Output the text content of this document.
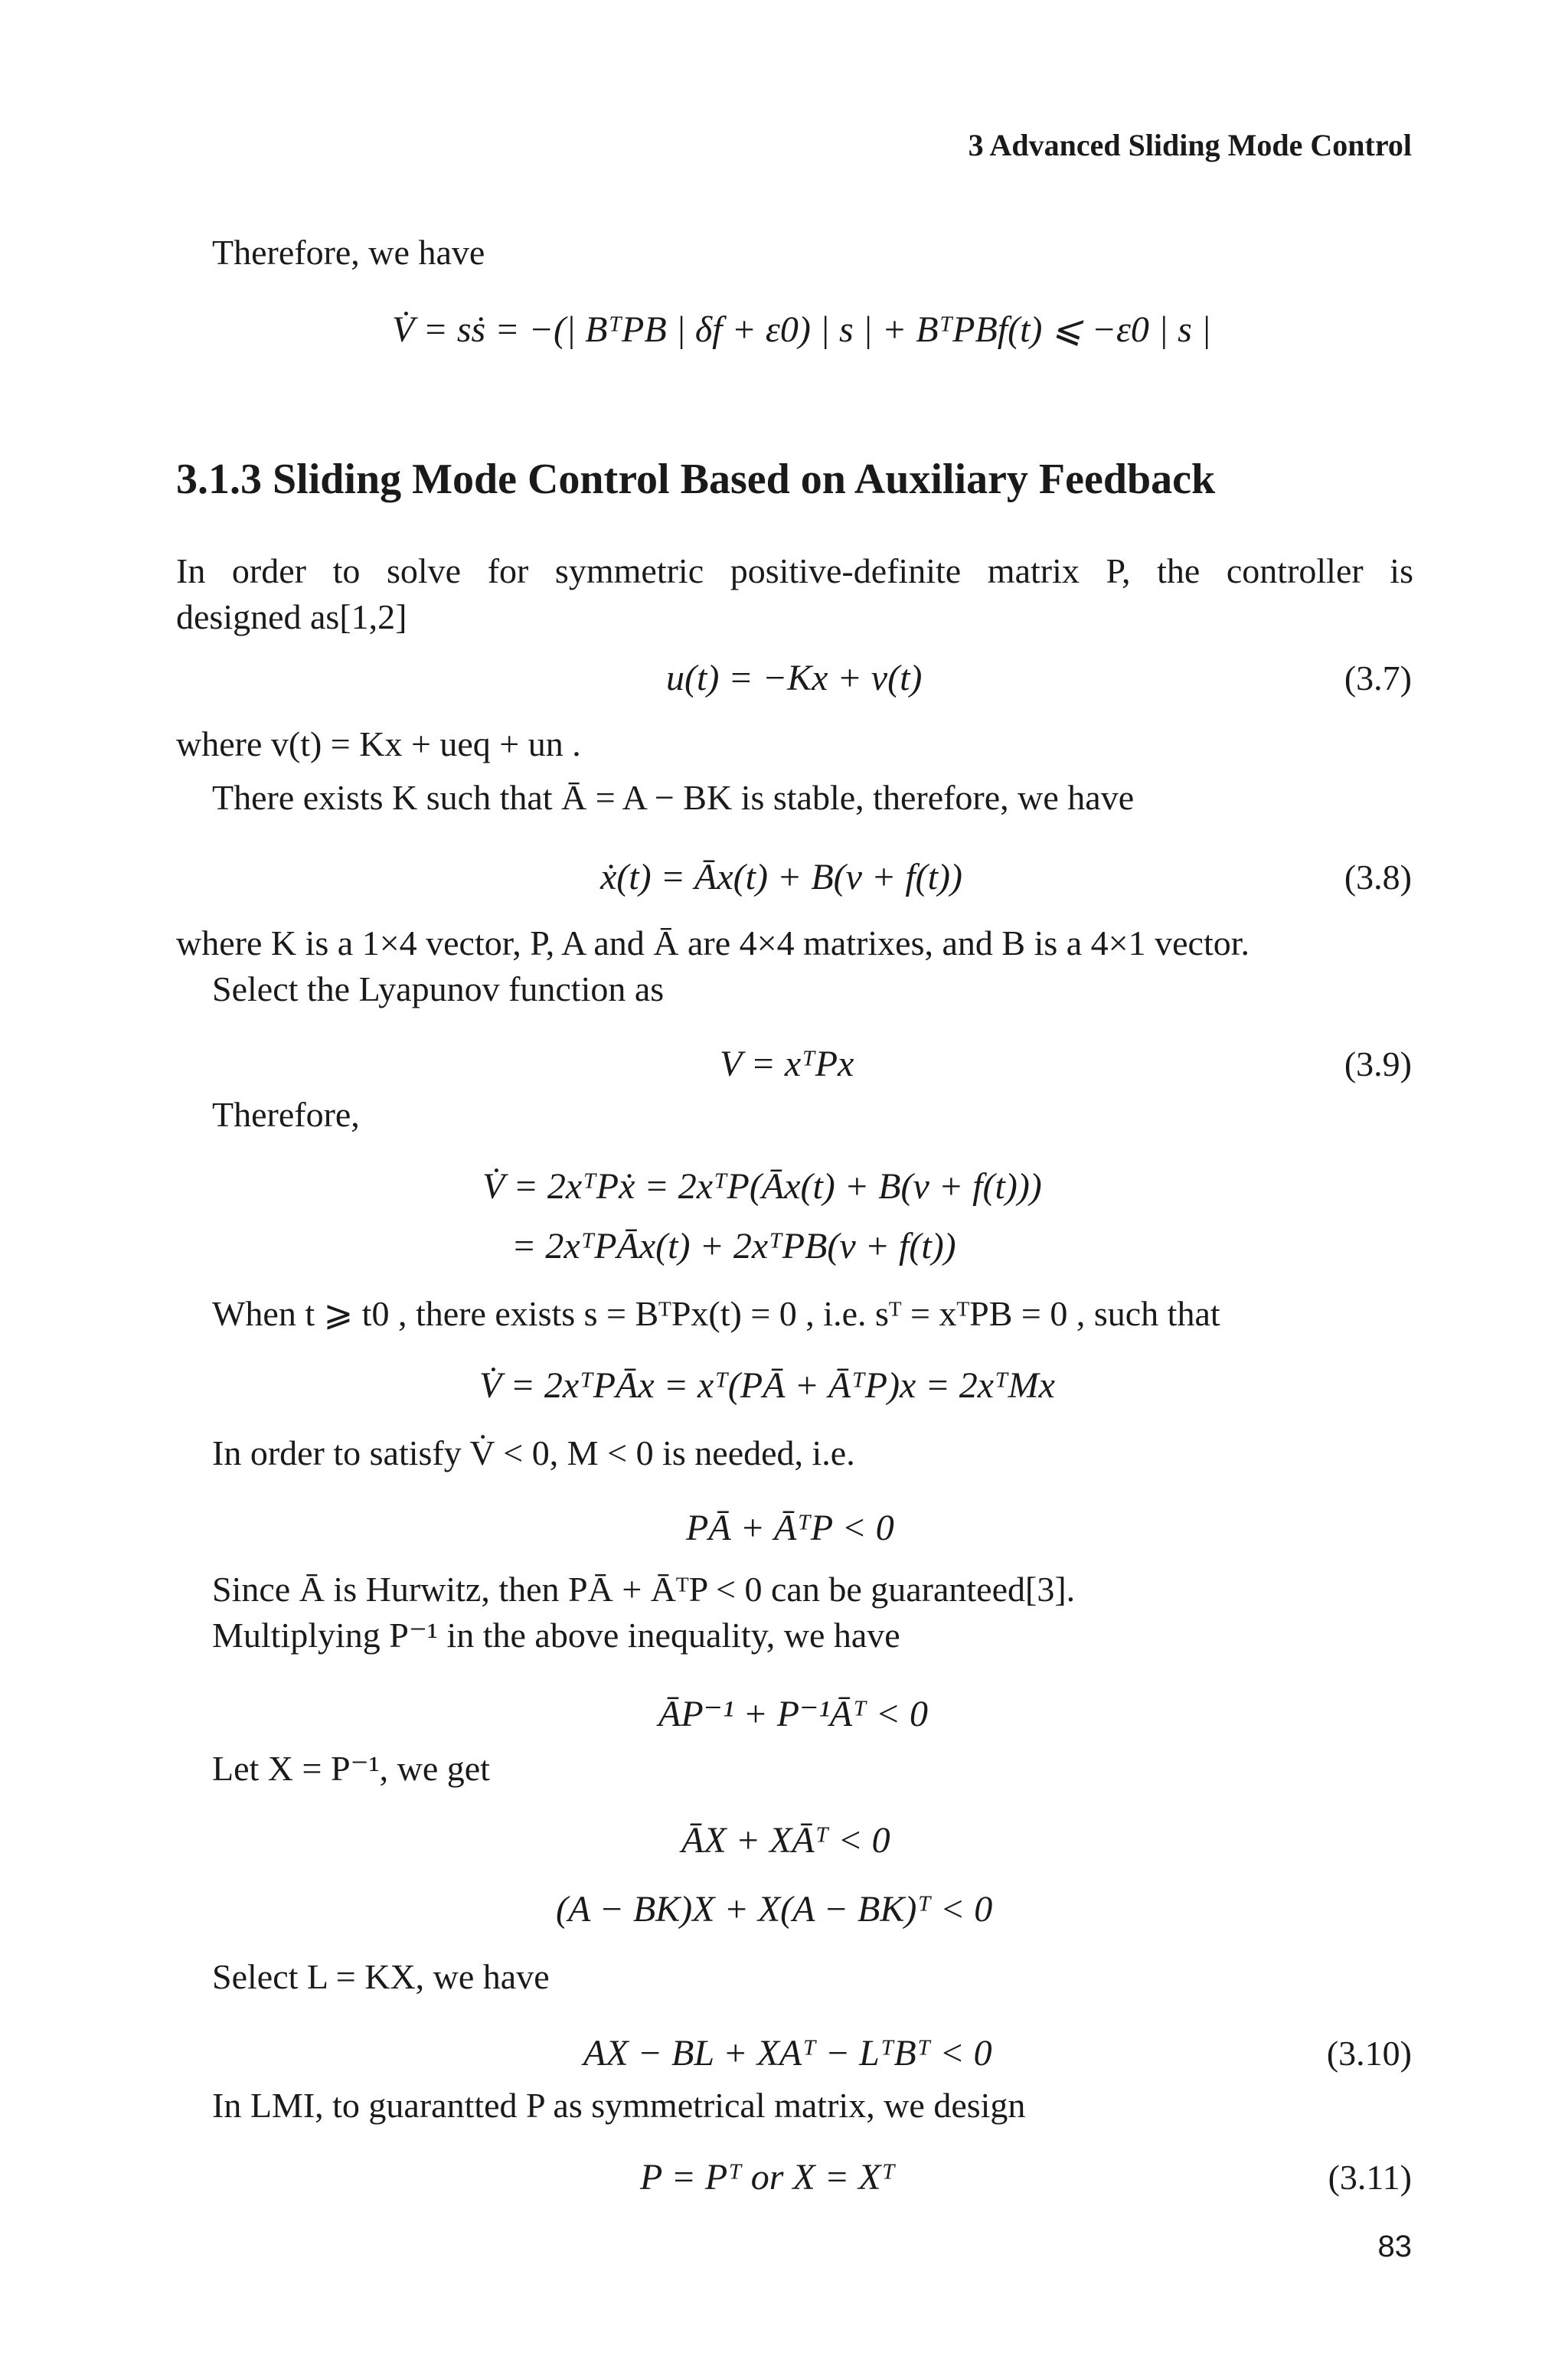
3 Advanced Sliding Mode Control
Therefore, we have
V̇ = sṡ = −(| BᵀPB | δf + ε0) | s | + BᵀPBf(t) ⩽ −ε0 | s |
3.1.3 Sliding Mode Control Based on Auxiliary Feedback
In order to solve for symmetric positive-definite matrix P, the controller is
designed as[1,2]
u(t) = −Kx + v(t)	(3.7)
where v(t) = Kx + ueq + un .
There exists K such that Ā = A − BK is stable, therefore, we have
ẋ(t) = Āx(t) + B(v + f(t))	(3.8)
where K is a 1×4 vector, P, A and Ā are 4×4 matrixes, and B is a 4×1 vector.
Select the Lyapunov function as
V = xᵀPx	(3.9)
Therefore,
V̇ = 2xᵀPẋ = 2xᵀP(Āx(t) + B(v + f(t)))
= 2xᵀPĀx(t) + 2xᵀPB(v + f(t))
When t ⩾ t0 , there exists s = BᵀPx(t) = 0 , i.e. sᵀ = xᵀPB = 0 , such that
V̇ = 2xᵀPĀx = xᵀ(PĀ + ĀᵀP)x = 2xᵀMx
In order to satisfy V̇ < 0, M < 0 is needed, i.e.
PĀ + ĀᵀP < 0
Since Ā is Hurwitz, then PĀ + ĀᵀP < 0 can be guaranteed[3].
Multiplying P⁻¹ in the above inequality, we have
ĀP⁻¹ + P⁻¹Āᵀ < 0
Let X = P⁻¹, we get
ĀX + XĀᵀ < 0
(A − BK)X + X(A − BK)ᵀ < 0
Select L = KX, we have
AX − BL + XAᵀ − LᵀBᵀ < 0	(3.10)
In LMI, to guarantted P as symmetrical matrix, we design
P = Pᵀ or X = Xᵀ	(3.11)
83
